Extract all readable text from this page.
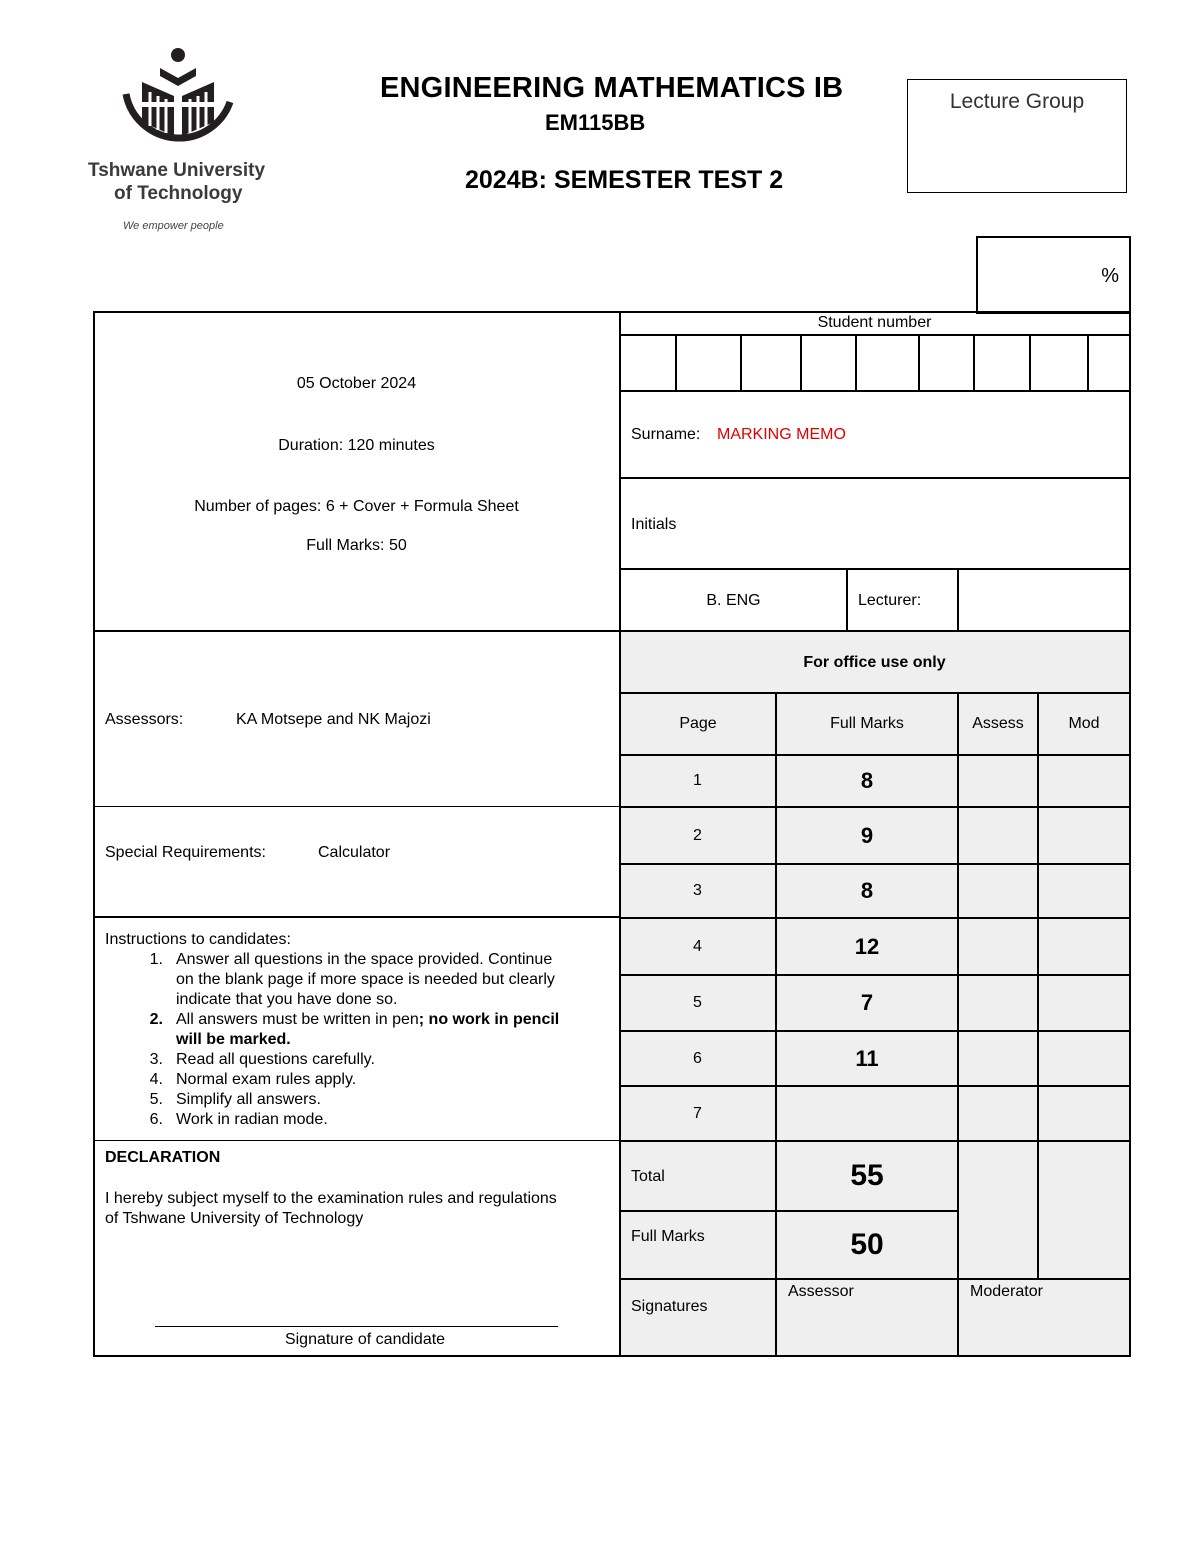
Tshwane University
of Technology
We empower people
ENGINEERING MATHEMATICS IB
EM115BB
2024B: SEMESTER TEST 2
Lecture Group
%
05 October 2024
Duration: 120 minutes
Number of pages: 6 + Cover + Formula Sheet
Full Marks: 50
Assessors:	KA Motsepe and NK Majozi
Special Requirements:	Calculator
Instructions to candidates:
1. Answer all questions in the space provided. Continue
on the blank page if more space is needed but clearly
indicate that you have done so.
2. All answers must be written in pen; no work in pencil
will be marked.
3. Read all questions carefully.
4. Normal exam rules apply.
5. Simplify all answers.
6. Work in radian mode.
DECLARATION
I hereby subject myself to the examination rules and regulations
of Tshwane University of Technology
Signature of candidate
Student number
Surname: MARKING MEMO
Initials
B. ENG	Lecturer:
For office use only
Page	Full Marks	Assess	Mod
1	8
2	9
3	8
4	12
5	7
6	11
7
Total	55
Full Marks	50
Signatures
Assessor	Moderator
